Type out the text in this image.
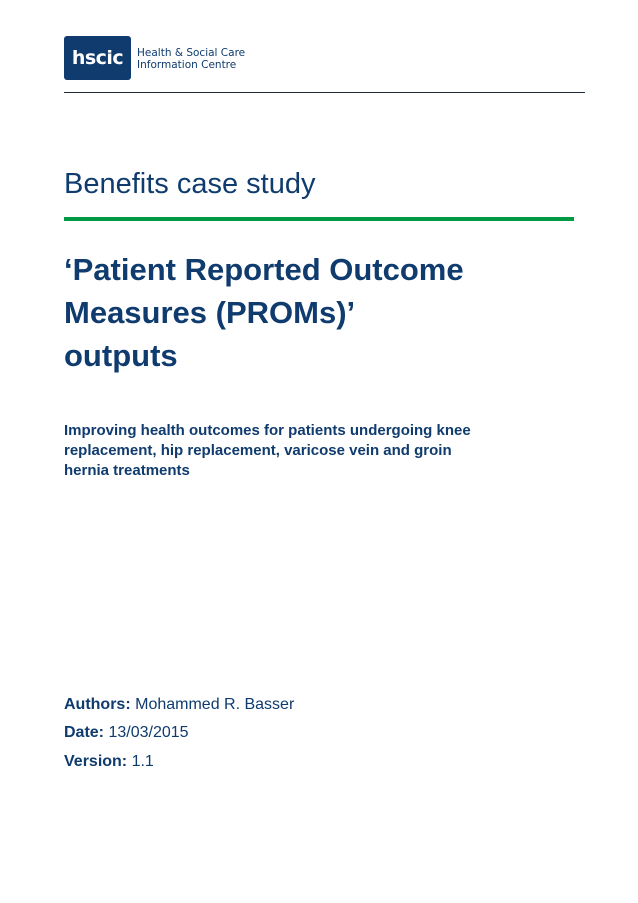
hscic Health & Social Care
Information Centre
Benefits case study
‘Patient Reported Outcome
Measures (PROMs)’
outputs

Improving health outcomes for patients undergoing knee
replacement, hip replacement, varicose vein and groin
hernia treatments

Authors: Mohammed R. Basser
Date: 13/03/2015
Version: 1.1
